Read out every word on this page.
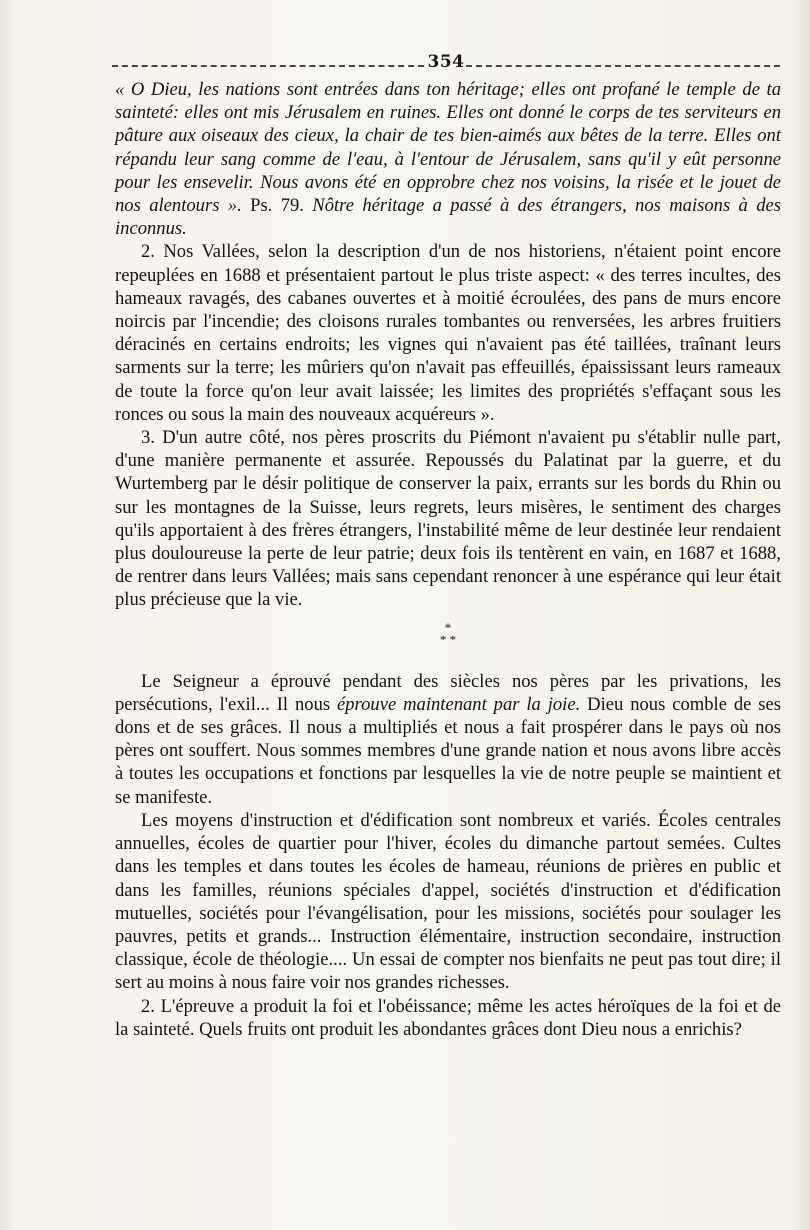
354

« O Dieu, les nations sont entrées dans ton héritage; elles ont profané le temple de ta sainteté: elles ont mis Jérusalem en ruines. Elles ont donné le corps de tes serviteurs en pâture aux oiseaux des cieux, la chair de tes bien-aimés aux bêtes de la terre. Elles ont répandu leur sang comme de l'eau, à l'entour de Jérusalem, sans qu'il y eût personne pour les ensevelir. Nous avons été en opprobre chez nos voisins, la risée et le jouet de nos alentours ». Ps. 79. Nôtre héritage a passé à des étrangers, nos maisons à des inconnus.

2. Nos Vallées, selon la description d'un de nos historiens, n'étaient point encore repeuplées en 1688 et présentaient partout le plus triste aspect: « des terres incultes, des hameaux ravagés, des cabanes ouvertes et à moitié écroulées, des pans de murs encore noircis par l'incendie; des cloisons rurales tombantes ou renversées, les arbres fruitiers déracinés en certains endroits; les vignes qui n'avaient pas été taillées, traînant leurs sarments sur la terre; les mûriers qu'on n'avait pas effeuillés, épaississant leurs rameaux de toute la force qu'on leur avait laissée; les limites des propriétés s'effaçant sous les ronces ou sous la main des nouveaux acquéreurs ».

3. D'un autre côté, nos pères proscrits du Piémont n'avaient pu s'établir nulle part, d'une manière permanente et assurée. Repoussés du Palatinat par la guerre, et du Wurtemberg par le désir politique de conserver la paix, errants sur les bords du Rhin ou sur les montagnes de la Suisse, leurs regrets, leurs misères, le sentiment des charges qu'ils apportaient à des frères étrangers, l'instabilité même de leur destinée leur rendaient plus douloureuse la perte de leur patrie; deux fois ils tentèrent en vain, en 1687 et 1688, de rentrer dans leurs Vallées; mais sans cependant renoncer à une espérance qui leur était plus précieuse que la vie.

*
* *

Le Seigneur a éprouvé pendant des siècles nos pères par les privations, les persécutions, l'exil... Il nous éprouve maintenant par la joie. Dieu nous comble de ses dons et de ses grâces. Il nous a multipliés et nous a fait prospérer dans le pays où nos pères ont souffert. Nous sommes membres d'une grande nation et nous avons libre accès à toutes les occupations et fonctions par lesquelles la vie de notre peuple se maintient et se manifeste.

Les moyens d'instruction et d'édification sont nombreux et variés. Écoles centrales annuelles, écoles de quartier pour l'hiver, écoles du dimanche partout semées. Cultes dans les temples et dans toutes les écoles de hameau, réunions de prières en public et dans les familles, réunions spéciales d'appel, sociétés d'instruction et d'édification mutuelles, sociétés pour l'évangélisation, pour les missions, sociétés pour soulager les pauvres, petits et grands... Instruction élémentaire, instruction secondaire, instruction classique, école de théologie.... Un essai de compter nos bienfaits ne peut pas tout dire; il sert au moins à nous faire voir nos grandes richesses.

2. L'épreuve a produit la foi et l'obéissance; même les actes héroïques de la foi et de la sainteté. Quels fruits ont produit les abondantes grâces dont Dieu nous a enrichis?
